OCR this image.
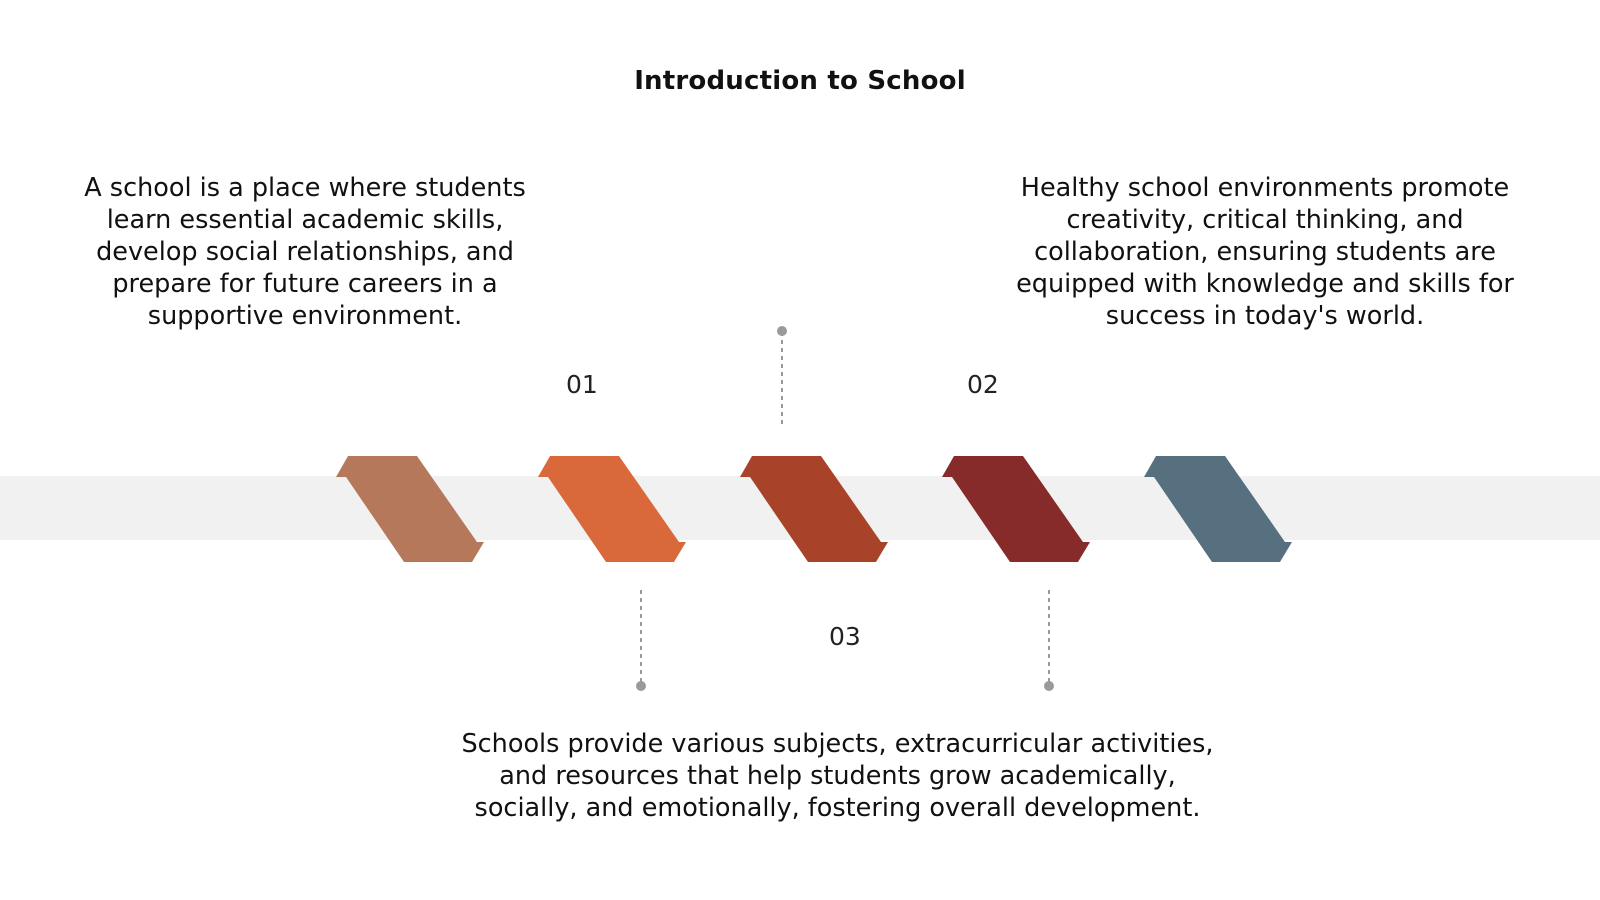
Introduction to School
A school is a place where students learn essential academic skills, develop social relationships, and prepare for future careers in a supportive environment.
Healthy school environments promote creativity, critical thinking, and collaboration, ensuring students are equipped with knowledge and skills for success in today's world.
Schools provide various subjects, extracurricular activities, and resources that help students grow academically, socially, and emotionally, fostering overall development.
01	02
03
